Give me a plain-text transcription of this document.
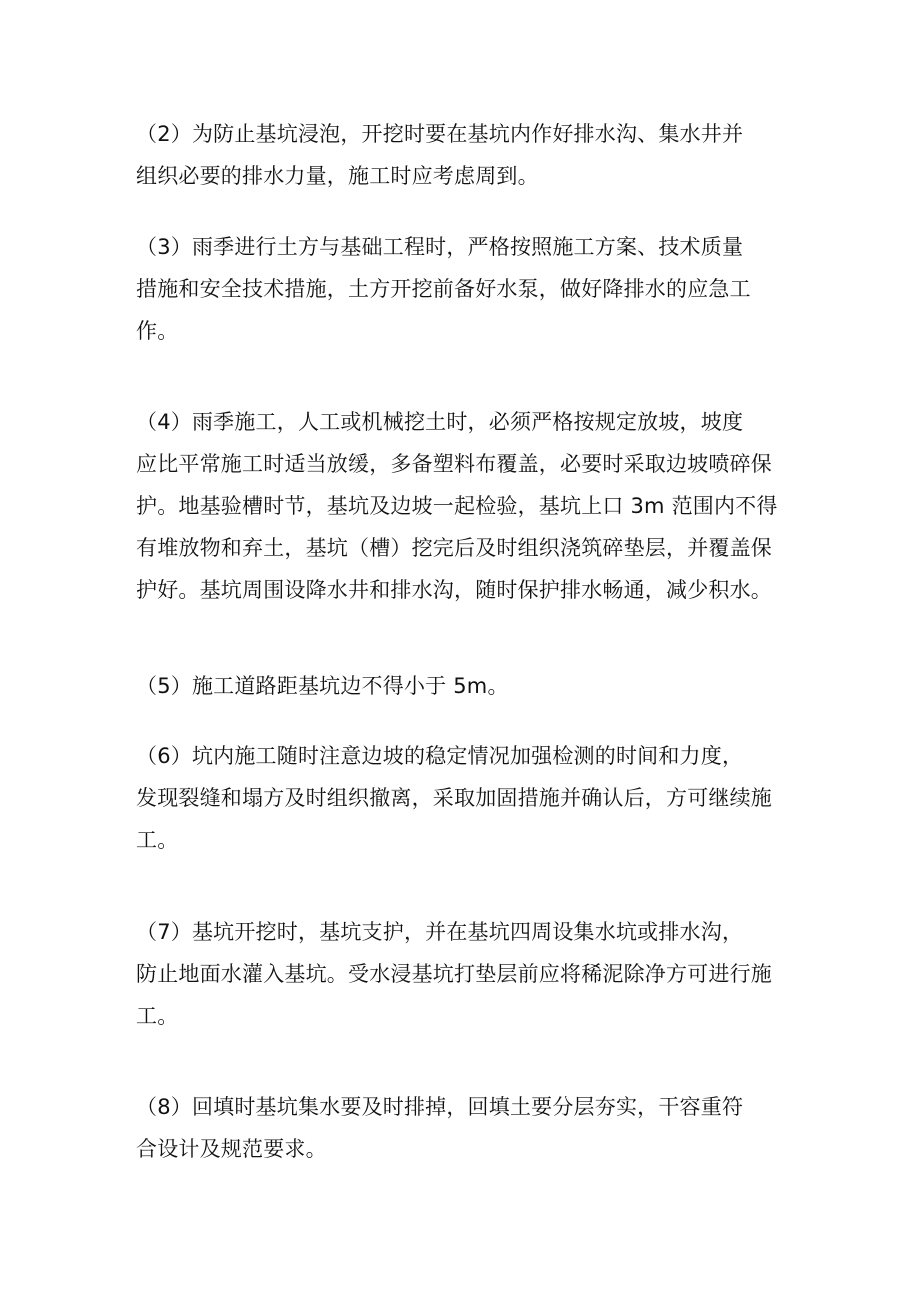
（2）为防止基坑浸泡，开挖时要在基坑内作好排水沟、集水井并
组织必要的排水力量，施工时应考虑周到。
（3）雨季进行土方与基础工程时，严格按照施工方案、技术质量
措施和安全技术措施，土方开挖前备好水泵，做好降排水的应急工
作。
（4）雨季施工，人工或机械挖土时，必须严格按规定放坡，坡度
应比平常施工时适当放缓，多备塑料布覆盖，必要时采取边坡喷碎保
护。地基验槽时节，基坑及边坡一起检验，基坑上口 3m 范围内不得
有堆放物和弃土，基坑（槽）挖完后及时组织浇筑碎垫层，并覆盖保
护好。基坑周围设降水井和排水沟，随时保护排水畅通，减少积水。
（5）施工道路距基坑边不得小于 5m。
（6）坑内施工随时注意边坡的稳定情况加强检测的时间和力度，
发现裂缝和塌方及时组织撤离，采取加固措施并确认后，方可继续施
工。
（7）基坑开挖时，基坑支护，并在基坑四周设集水坑或排水沟，
防止地面水灌入基坑。受水浸基坑打垫层前应将稀泥除净方可进行施
工。
（8）回填时基坑集水要及时排掉，回填土要分层夯实，干容重符
合设计及规范要求。
